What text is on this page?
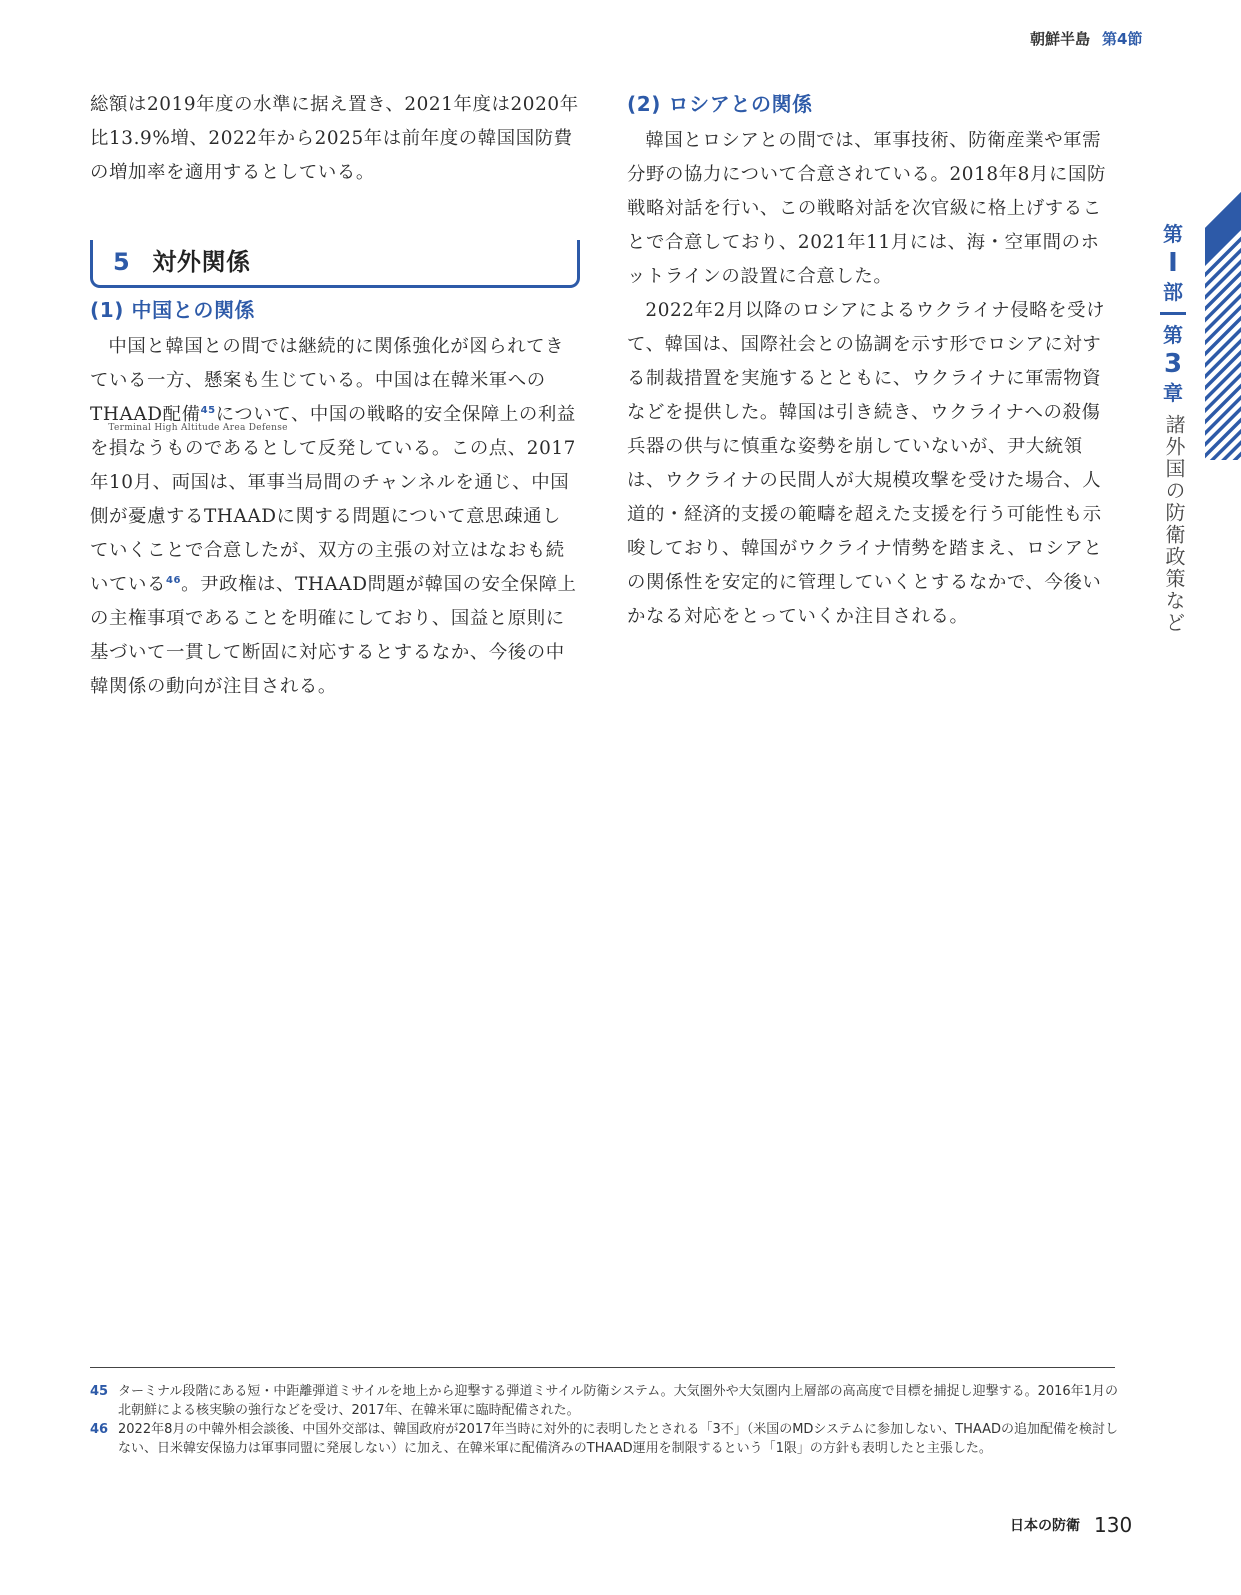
朝鮮半島 第4節

総額は2019年度の水準に据え置き、2021年度は2020年比13.9%増、2022年から2025年は前年度の韓国国防費の増加率を適用するとしている。

5 対外関係
(1) 中国との関係

中国と韓国との間では継続的に関係強化が図られてきている一方、懸案も生じている。中国は在韓米軍へのTHAAD配備$^{45}$について、中国の戦略的安全保障上の利益を損なうものであるとして反発している。この点、2017年10月、両国は、軍事当局間のチャンネルを通じ、中国側が憂慮するTHAADに関する問題について意思疎通していくことで合意したが、双方の主張の対立はなおも続いている$^{46}$。尹政権は、THAAD問題が韓国の安全保障上の主権事項であることを明確にしており、国益と原則に基づいて一貫して断固に対応するとするなか、今後の中韓関係の動向が注目される。
Terminal High Altitude Area Defense

(2) ロシアとの関係

韓国とロシアとの間では、軍事技術、防衛産業や軍需分野の協力について合意されている。2018年8月に国防戦略対話を行い、この戦略対話を次官級に格上げすることで合意しており、2021年11月には、海・空軍間のホットラインの設置に合意した。

2022年2月以降のロシアによるウクライナ侵略を受けて、韓国は、国際社会との協調を示す形でロシアに対する制裁措置を実施するとともに、ウクライナに軍需物資などを提供した。韓国は引き続き、ウクライナへの殺傷兵器の供与に慎重な姿勢を崩していないが、尹大統領は、ウクライナの民間人が大規模攻撃を受けた場合、人道的・経済的支援の範疇を超えた支援を行う可能性も示唆しており、韓国がウクライナ情勢を踏まえ、ロシアとの関係性を安定的に管理していくとするなかで、今後いかなる対応をとっていくか注目される。

第
I
部
第
3
章
諸外国の防衛政策など
45 ターミナル段階にある短・中距離弾道ミサイルを地上から迎撃する弾道ミサイル防衛システム。大気圏外や大気圏内上層部の高高度で目標を捕捉し迎撃する。2016年1月の北朝鮮による核実験の強行などを受け、2017年、在韓米軍に臨時配備された。
46 2022年8月の中韓外相会談後、中国外交部は、韓国政府が2017年当時に対外的に表明したとされる「3不」（米国のMDシステムに参加しない、THAADの追加配備を検討しない、日米韓安保協力は軍事同盟に発展しない）に加え、在韓米軍に配備済みのTHAAD運用を制限するという「1限」の方針も表明したと主張した。
日本の防衛 130
